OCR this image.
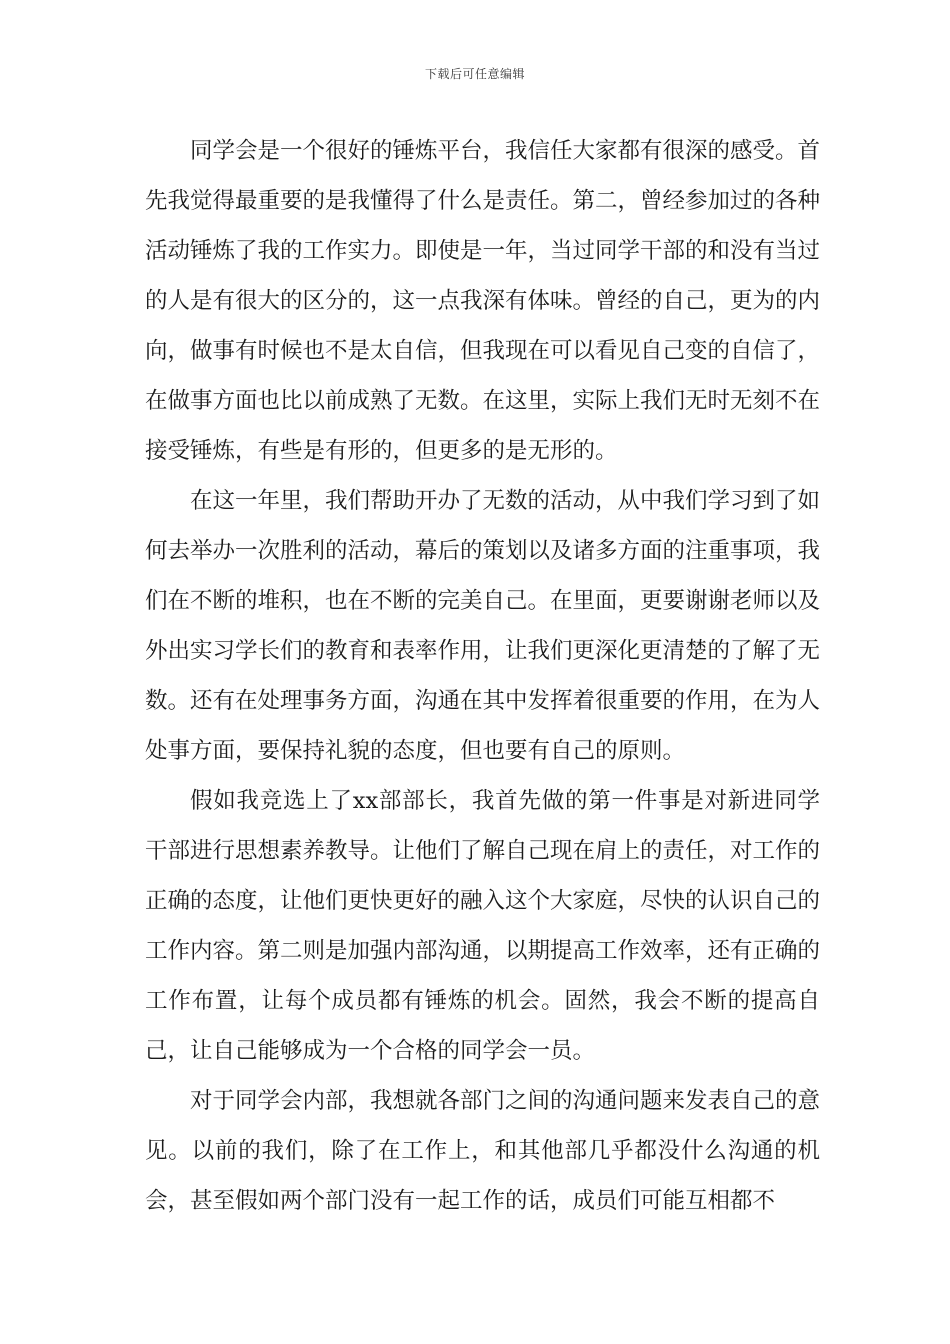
下载后可任意编辑

同学会是一个很好的锤炼平台，我信任大家都有很深的感受。首先我觉得最重要的是我懂得了什么是责任。第二，曾经参加过的各种活动锤炼了我的工作实力。即使是一年，当过同学干部的和没有当过的人是有很大的区分的，这一点我深有体味。曾经的自己，更为的内向，做事有时候也不是太自信，但我现在可以看见自己变的自信了，在做事方面也比以前成熟了无数。在这里，实际上我们无时无刻不在接受锤炼，有些是有形的，但更多的是无形的。

在这一年里，我们帮助开办了无数的活动，从中我们学习到了如何去举办一次胜利的活动，幕后的策划以及诸多方面的注重事项，我们在不断的堆积，也在不断的完美自己。在里面，更要谢谢老师以及外出实习学长们的教育和表率作用，让我们更深化更清楚的了解了无数。还有在处理事务方面，沟通在其中发挥着很重要的作用，在为人处事方面，要保持礼貌的态度，但也要有自己的原则。

假如我竞选上了xx部部长，我首先做的第一件事是对新进同学干部进行思想素养教导。让他们了解自己现在肩上的责任，对工作的正确的态度，让他们更快更好的融入这个大家庭，尽快的认识自己的工作内容。第二则是加强内部沟通，以期提高工作效率，还有正确的工作布置，让每个成员都有锤炼的机会。固然，我会不断的提高自己，让自己能够成为一个合格的同学会一员。

对于同学会内部，我想就各部门之间的沟通问题来发表自己的意见。以前的我们，除了在工作上，和其他部几乎都没什么沟通的机会，甚至假如两个部门没有一起工作的话，成员们可能互相都不
